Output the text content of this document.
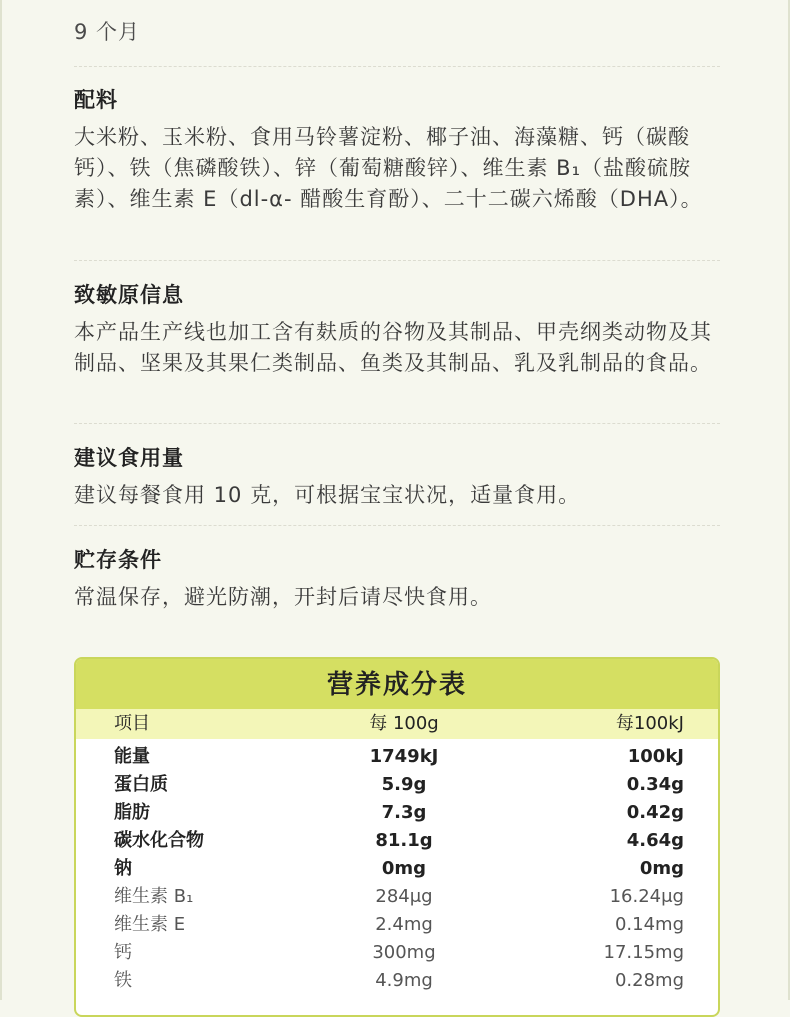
9 个月
配料
大米粉、玉米粉、食用马铃薯淀粉、椰子油、海藻糖、钙（碳酸钙）、铁（焦磷酸铁）、锌（葡萄糖酸锌）、维生素 B₁（盐酸硫胺素）、维生素 E（dl-α- 醋酸生育酚）、二十二碳六烯酸（DHA）。
致敏原信息
本产品生产线也加工含有麸质的谷物及其制品、甲壳纲类动物及其制品、坚果及其果仁类制品、鱼类及其制品、乳及乳制品的食品。
建议食用量
建议每餐食用 10 克，可根据宝宝状况，适量食用。
贮存条件
常温保存，避光防潮，开封后请尽快食用。
营养成分表
项目	每 100g	每100kJ
能量	1749kJ	100kJ
蛋白质	5.9g	0.34g
脂肪	7.3g	0.42g
碳水化合物	81.1g	4.64g
钠	0mg	0mg
维生素 B₁	284μg	16.24μg
维生素 E	2.4mg	0.14mg
钙	300mg	17.15mg
铁	4.9mg	0.28mg
